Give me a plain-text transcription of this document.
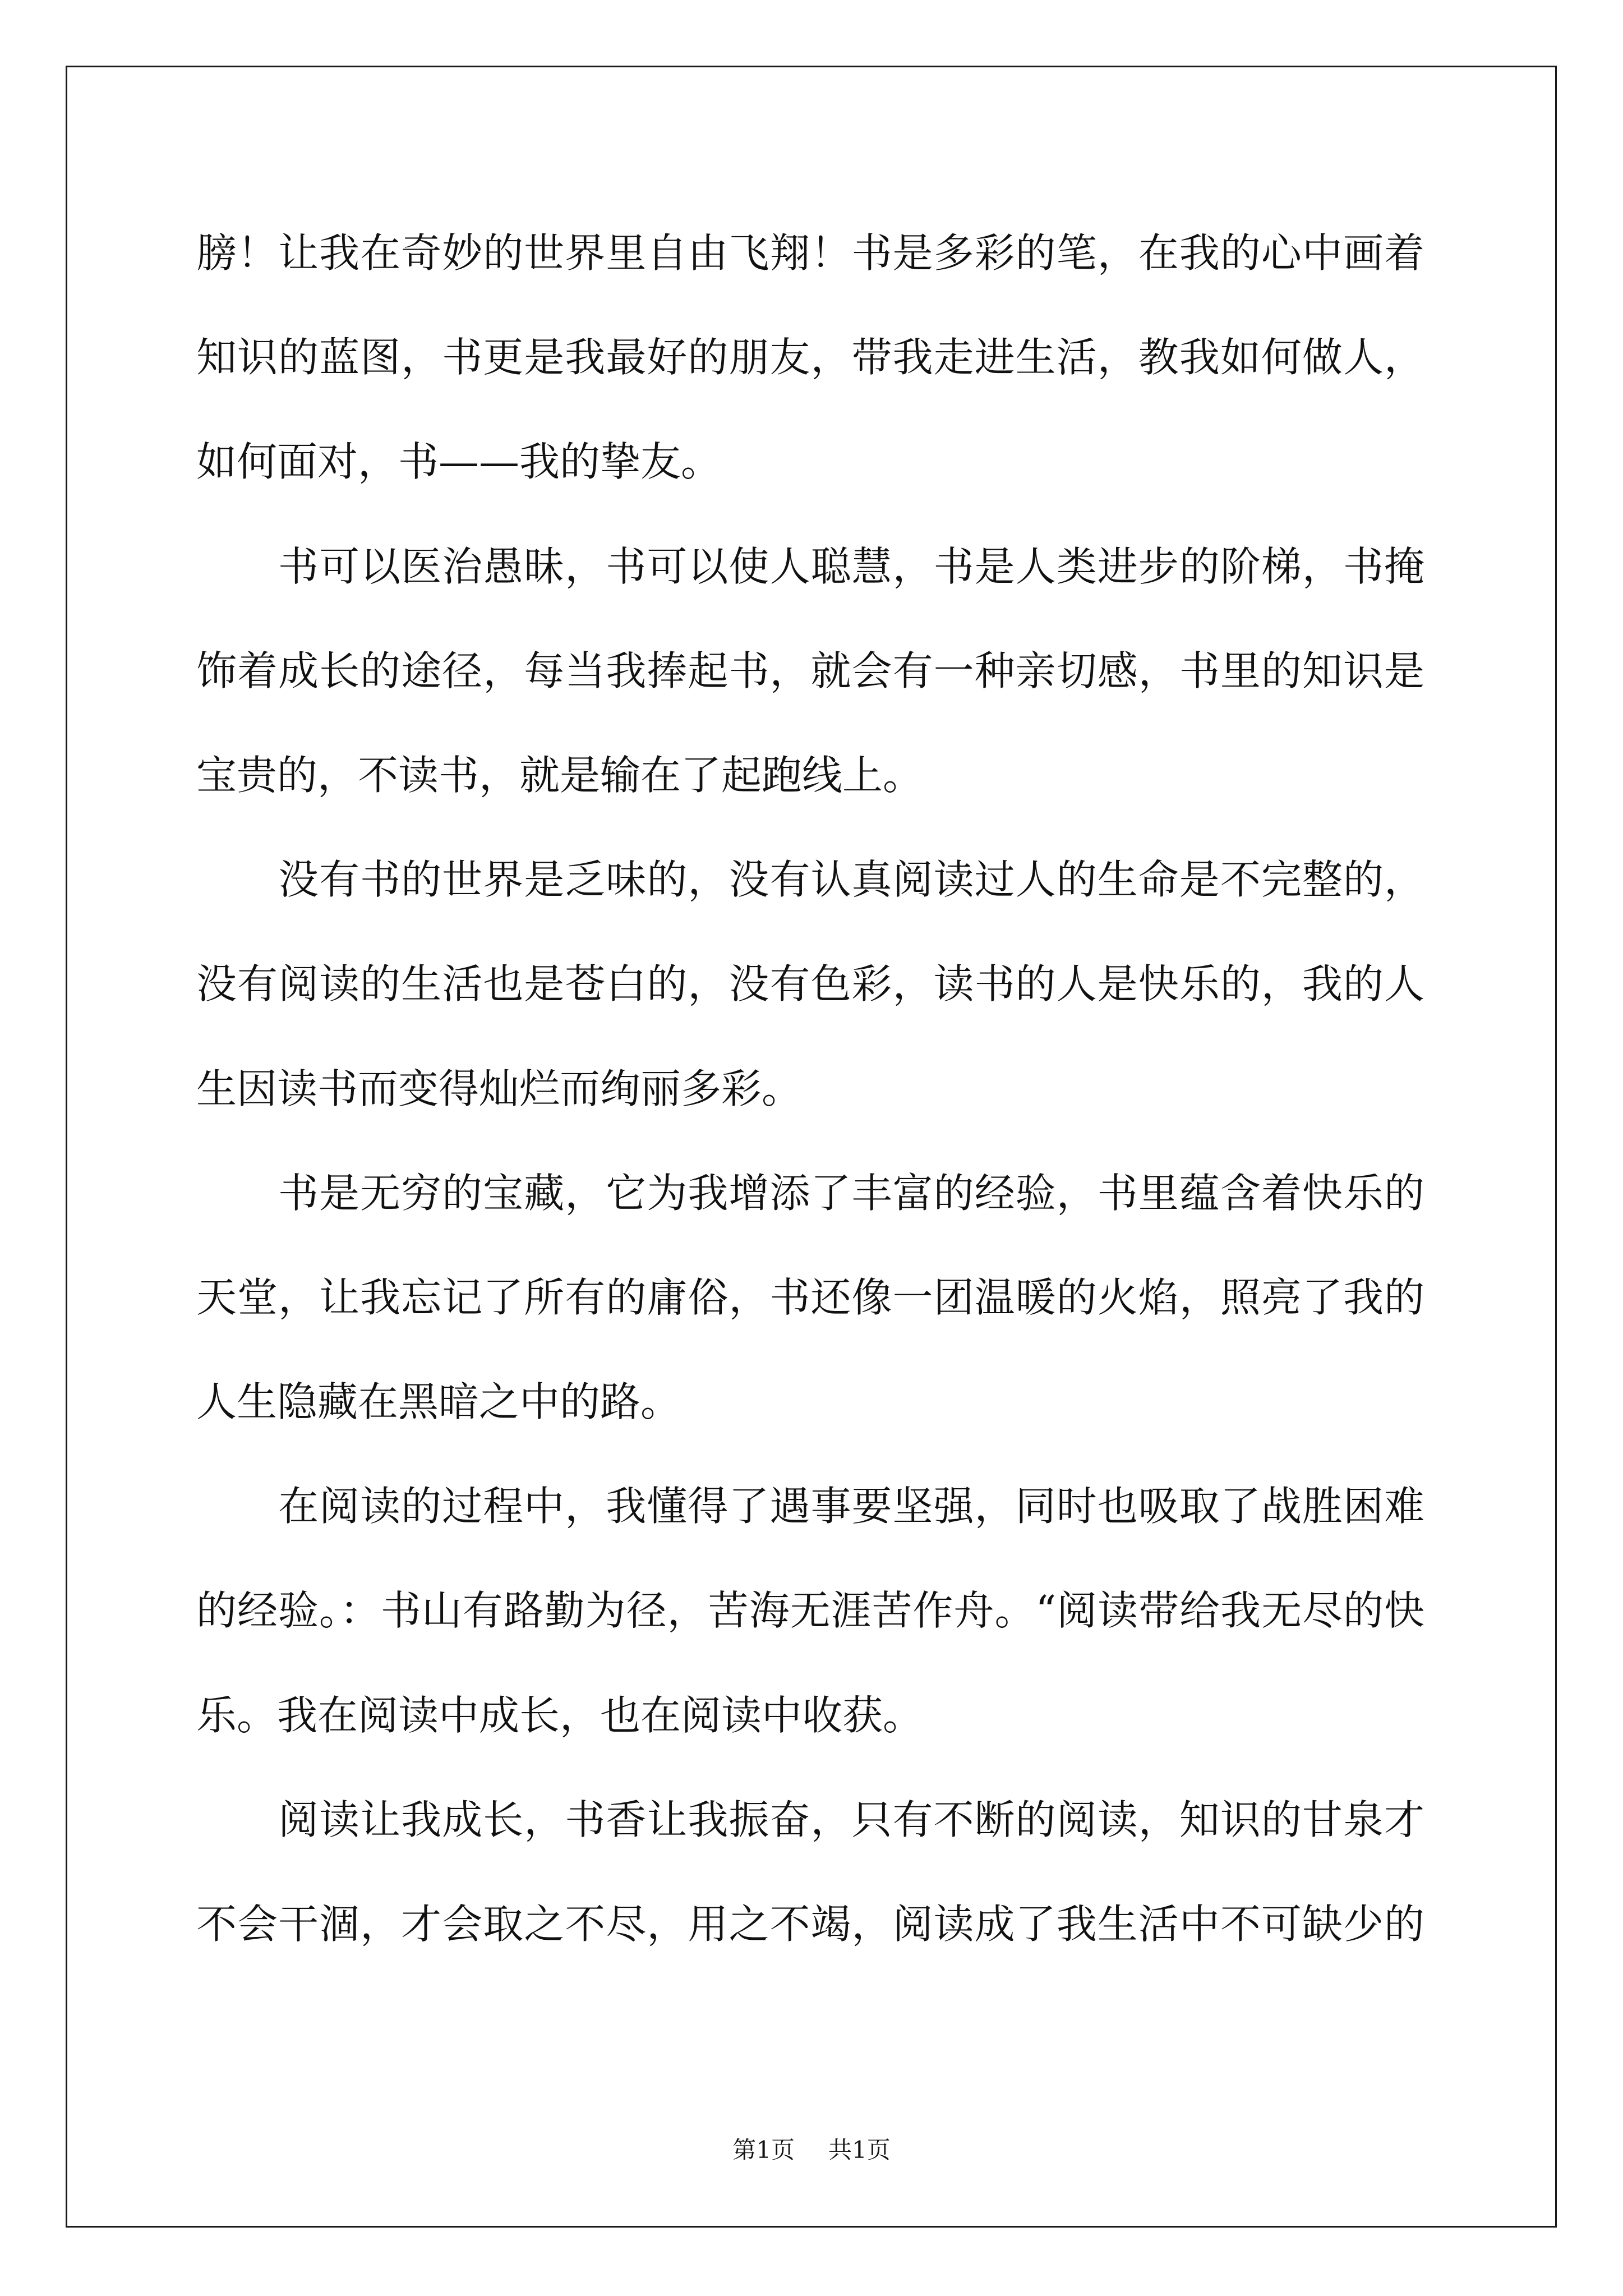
膀！让我在奇妙的世界里自由飞翔！书是多彩的笔，在我的心中画着
知识的蓝图，书更是我最好的朋友，带我走进生活，教我如何做人，
如何面对，书——我的挚友。
书可以医治愚昧，书可以使人聪慧，书是人类进步的阶梯，书掩
饰着成长的途径，每当我捧起书，就会有一种亲切感，书里的知识是
宝贵的，不读书，就是输在了起跑线上。
没有书的世界是乏味的，没有认真阅读过人的生命是不完整的，
没有阅读的生活也是苍白的，没有色彩，读书的人是快乐的，我的人
生因读书而变得灿烂而绚丽多彩。
书是无穷的宝藏，它为我增添了丰富的经验，书里蕴含着快乐的
天堂，让我忘记了所有的庸俗，书还像一团温暖的火焰，照亮了我的
人生隐藏在黑暗之中的路。
在阅读的过程中，我懂得了遇事要坚强，同时也吸取了战胜困难
的经验。：书山有路勤为径，苦海无涯苦作舟。“阅读带给我无尽的快
乐。我在阅读中成长，也在阅读中收获。
阅读让我成长，书香让我振奋，只有不断的阅读，知识的甘泉才
不会干涸，才会取之不尽，用之不竭，阅读成了我生活中不可缺少的
第1页 共1页
